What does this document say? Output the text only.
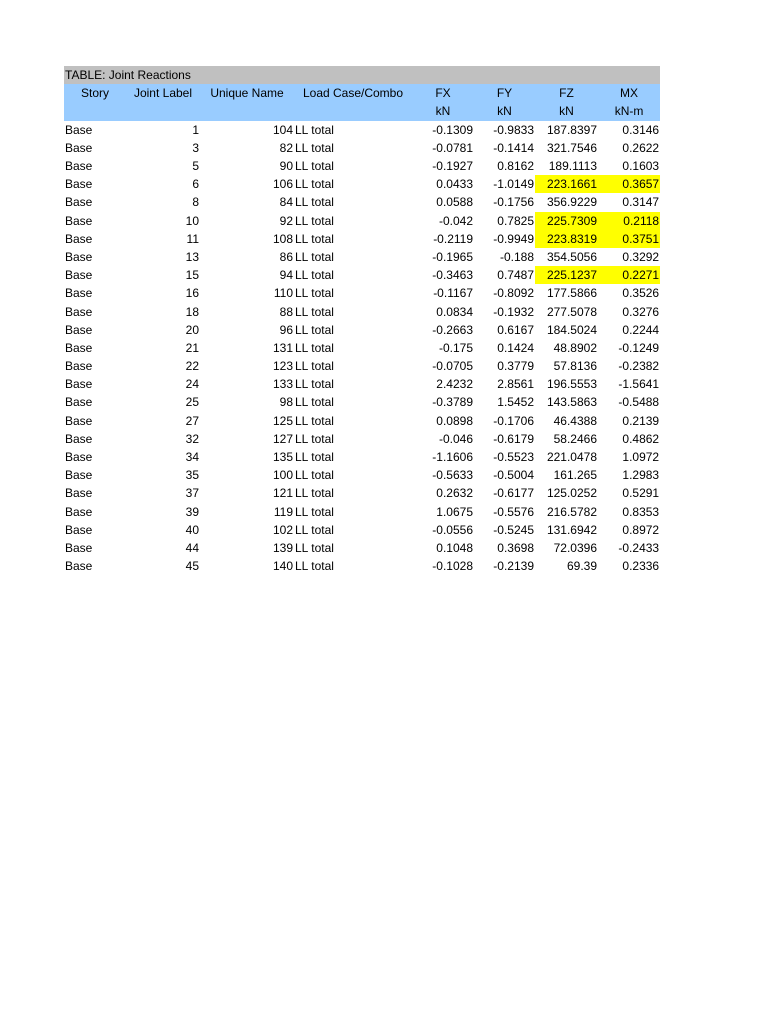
TABLE: Joint Reactions							
Story	Joint Label	Unique Name	Load Case/Combo	FX	FY	FZ	MX
				kN	kN	kN	kN-m
Base	1	104	LL total	-0.1309	-0.9833	187.8397	0.3146
Base	3	82	LL total	-0.0781	-0.1414	321.7546	0.2622
Base	5	90	LL total	-0.1927	0.8162	189.1113	0.1603
Base	6	106	LL total	0.0433	-1.0149	223.1661	0.3657
Base	8	84	LL total	0.0588	-0.1756	356.9229	0.3147
Base	10	92	LL total	-0.042	0.7825	225.7309	0.2118
Base	11	108	LL total	-0.2119	-0.9949	223.8319	0.3751
Base	13	86	LL total	-0.1965	-0.188	354.5056	0.3292
Base	15	94	LL total	-0.3463	0.7487	225.1237	0.2271
Base	16	110	LL total	-0.1167	-0.8092	177.5866	0.3526
Base	18	88	LL total	0.0834	-0.1932	277.5078	0.3276
Base	20	96	LL total	-0.2663	0.6167	184.5024	0.2244
Base	21	131	LL total	-0.175	0.1424	48.8902	-0.1249
Base	22	123	LL total	-0.0705	0.3779	57.8136	-0.2382
Base	24	133	LL total	2.4232	2.8561	196.5553	-1.5641
Base	25	98	LL total	-0.3789	1.5452	143.5863	-0.5488
Base	27	125	LL total	0.0898	-0.1706	46.4388	0.2139
Base	32	127	LL total	-0.046	-0.6179	58.2466	0.4862
Base	34	135	LL total	-1.1606	-0.5523	221.0478	1.0972
Base	35	100	LL total	-0.5633	-0.5004	161.265	1.2983
Base	37	121	LL total	0.2632	-0.6177	125.0252	0.5291
Base	39	119	LL total	1.0675	-0.5576	216.5782	0.8353
Base	40	102	LL total	-0.0556	-0.5245	131.6942	0.8972
Base	44	139	LL total	0.1048	0.3698	72.0396	-0.2433
Base	45	140	LL total	-0.1028	-0.2139	69.39	0.2336
